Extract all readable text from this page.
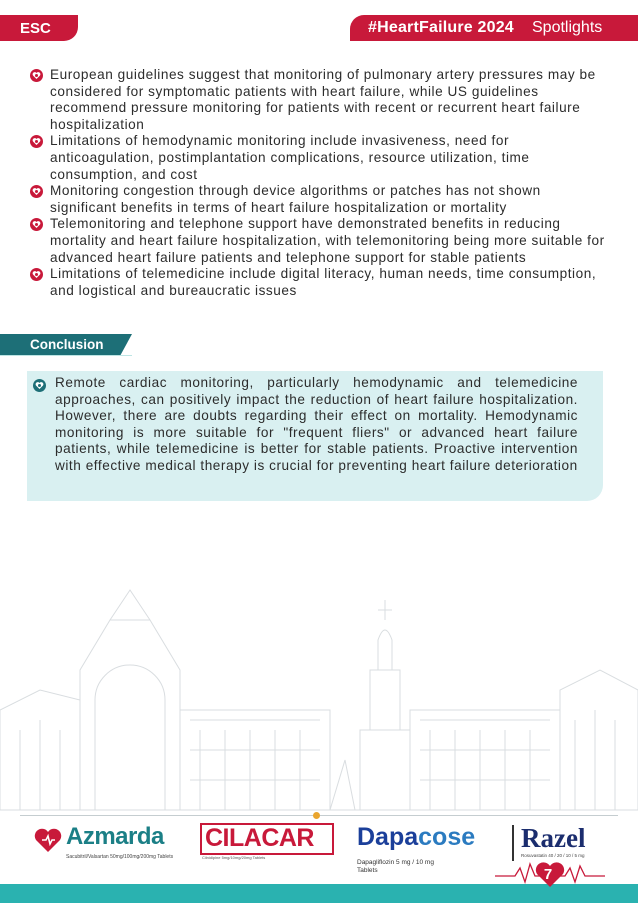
ESC	#HeartFailure 2024 Spotlights
European guidelines suggest that monitoring of pulmonary artery pressures may be considered for symptomatic patients with heart failure, while US guidelines recommend pressure monitoring for patients with recent or recurrent heart failure hospitalization
Limitations of hemodynamic monitoring include invasiveness, need for anticoagulation, postimplantation complications, resource utilization, time consumption, and cost
Monitoring congestion through device algorithms or patches has not shown significant benefits in terms of heart failure hospitalization or mortality
Telemonitoring and telephone support have demonstrated benefits in reducing mortality and heart failure hospitalization, with telemonitoring being more suitable for advanced heart failure patients and telephone support for stable patients
Limitations of telemedicine include digital literacy, human needs, time consumption, and logistical and bureaucratic issues
Conclusion

Remote cardiac monitoring, particularly hemodynamic and telemedicine approaches, can positively impact the reduction of heart failure hospitalization. However, there are doubts regarding their effect on mortality. Hemodynamic monitoring is more suitable for "frequent fliers" or advanced heart failure patients, while telemedicine is better for stable patients. Proactive intervention with effective medical therapy is crucial for preventing heart failure deterioration

Azmarda
Sacubitril/Valsartan 50mg/100mg/200mg Tablets
CILACAR
Cilnidipine 5mg/10mg/20mg Tablets
Dapacose
Dapagliflozin 5 mg / 10 mg Tablets
Razel
Rosuvastatin 40 / 20 / 10 / 5 mg
7
